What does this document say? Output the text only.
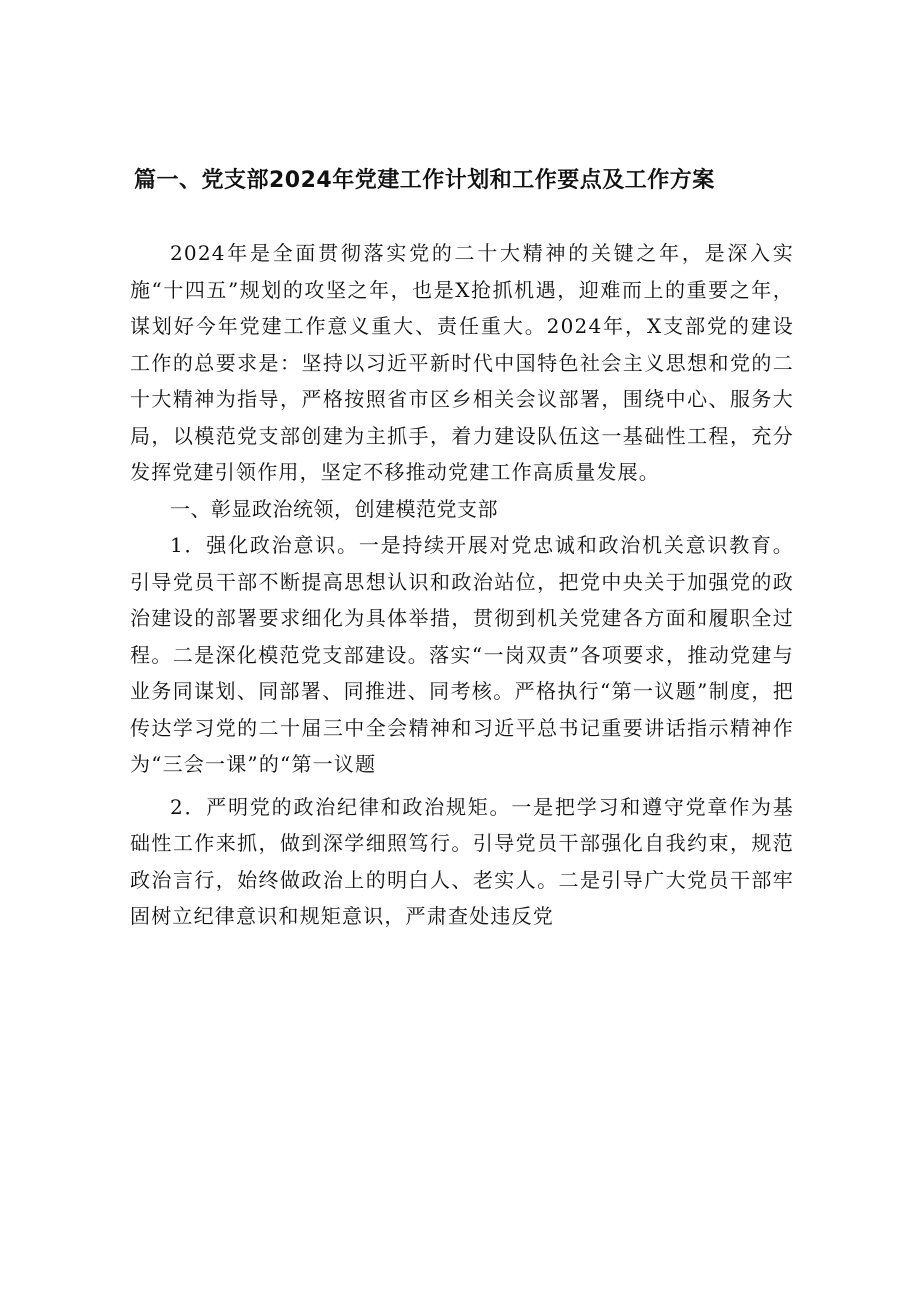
篇一、党支部2024年党建工作计划和工作要点及工作方案

2024年是全面贯彻落实党的二十大精神的关键之年，是深入实施“十四五”规划的攻坚之年，也是X抢抓机遇，迎难而上的重要之年，谋划好今年党建工作意义重大、责任重大。2024年，X支部党的建设工作的总要求是：坚持以习近平新时代中国特色社会主义思想和党的二十大精神为指导，严格按照省市区乡相关会议部署，围绕中心、服务大局，以模范党支部创建为主抓手，着力建设队伍这一基础性工程，充分发挥党建引领作用，坚定不移推动党建工作高质量发展。

一、彰显政治统领，创建模范党支部

1．强化政治意识。一是持续开展对党忠诚和政治机关意识教育。引导党员干部不断提高思想认识和政治站位，把党中央关于加强党的政治建设的部署要求细化为具体举措，贯彻到机关党建各方面和履职全过程。二是深化模范党支部建设。落实“一岗双责”各项要求，推动党建与业务同谋划、同部署、同推进、同考核。严格执行“第一议题”制度，把传达学习党的二十届三中全会精神和习近平总书记重要讲话指示精神作为“三会一课”的“第一议题

2．严明党的政治纪律和政治规矩。一是把学习和遵守党章作为基础性工作来抓，做到深学细照笃行。引导党员干部强化自我约束，规范政治言行，始终做政治上的明白人、老实人。二是引导广大党员干部牢固树立纪律意识和规矩意识，严肃查处违反党
